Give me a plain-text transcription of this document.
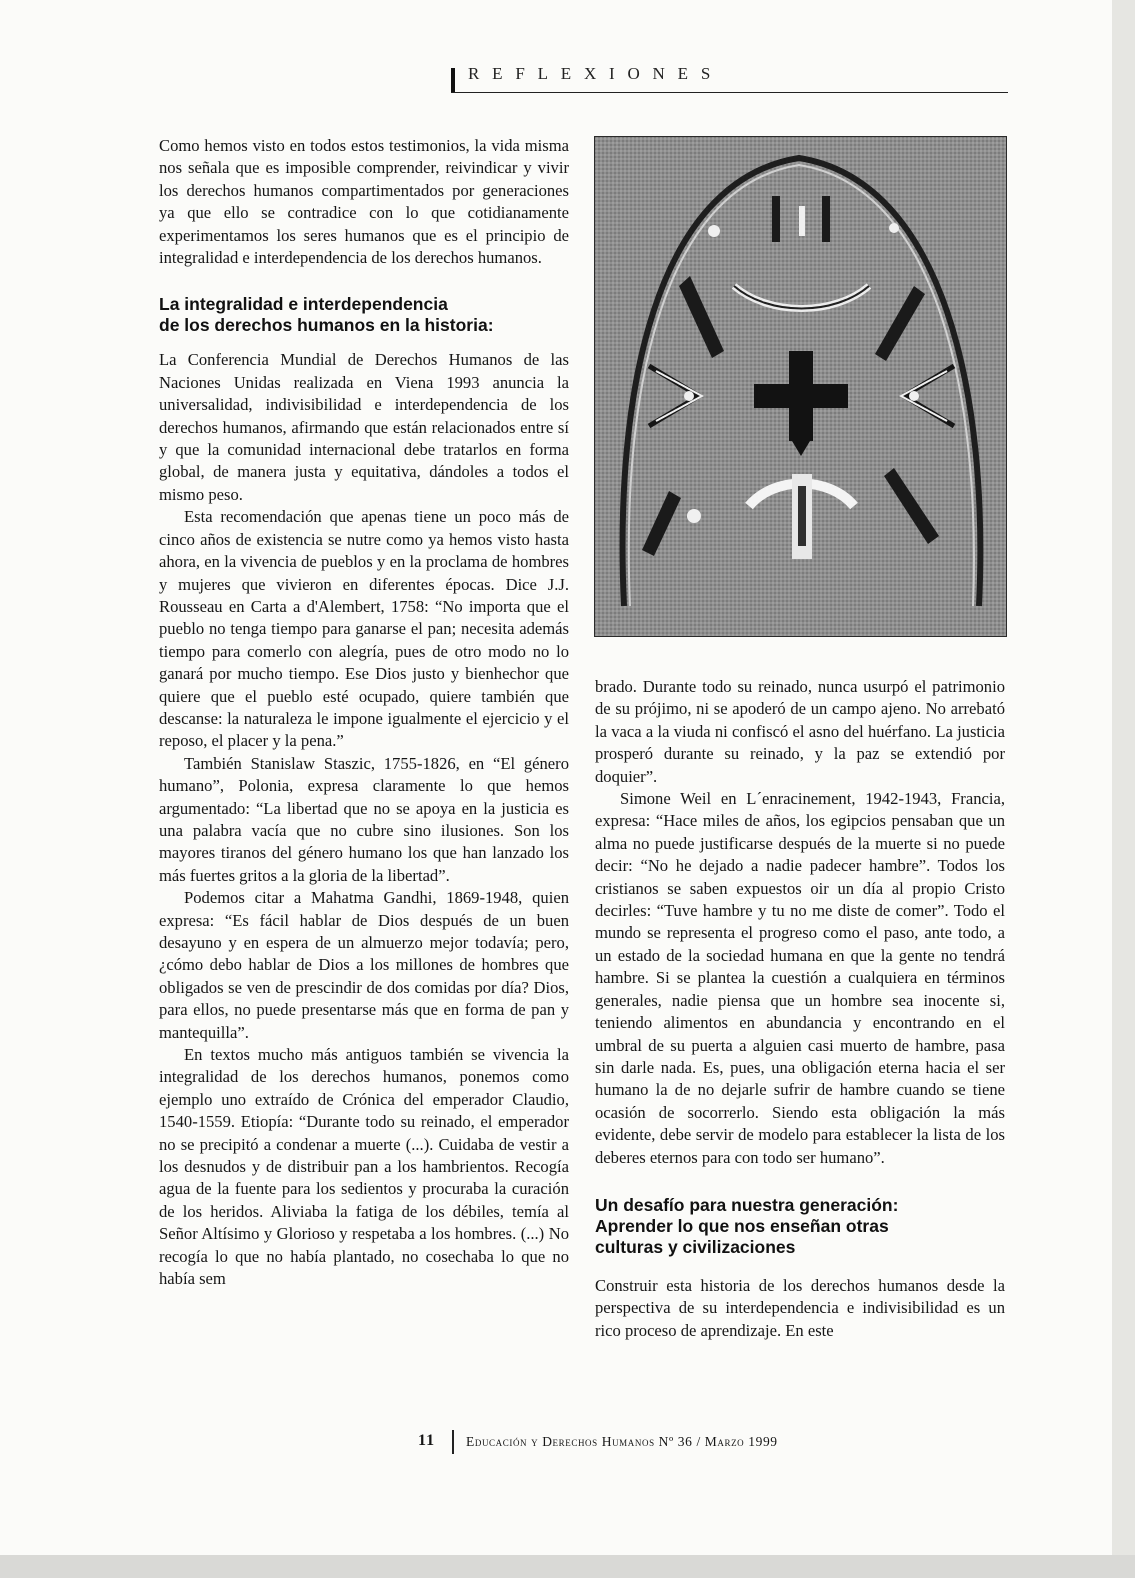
REFLEXIONES

Como hemos visto en todos estos testimonios, la vida misma nos señala que es imposible comprender, reivindicar y vivir los derechos humanos compartimentados por generaciones ya que ello se contradice con lo que cotidianamente experimentamos los seres humanos que es el principio de integralidad e interdependencia de los derechos humanos.

La integralidad e interdependencia
de los derechos humanos en la historia:

La Conferencia Mundial de Derechos Humanos de las Naciones Unidas realizada en Viena 1993 anuncia la universalidad, indivisibilidad e interdependencia de los derechos humanos, afirmando que están relacionados entre sí y que la comunidad internacional debe tratarlos en forma global, de manera justa y equitativa, dándoles a todos el mismo peso.

Esta recomendación que apenas tiene un poco más de cinco años de existencia se nutre como ya hemos visto hasta ahora, en la vivencia de pueblos y en la proclama de hombres y mujeres que vivieron en diferentes épocas. Dice J.J. Rousseau en Carta a d'Alembert, 1758: “No importa que el pueblo no tenga tiempo para ganarse el pan; necesita además tiempo para comerlo con alegría, pues de otro modo no lo ganará por mucho tiempo. Ese Dios justo y bienhechor que quiere que el pueblo esté ocupado, quiere también que descanse: la naturaleza le impone igualmente el ejercicio y el reposo, el placer y la pena.”

También Stanislaw Staszic, 1755-1826, en “El género humano”, Polonia, expresa claramente lo que hemos argumentado: “La libertad que no se apoya en la justicia es una palabra vacía que no cubre sino ilusiones. Son los mayores tiranos del género humano los que han lanzado los más fuertes gritos a la gloria de la libertad”.

Podemos citar a Mahatma Gandhi, 1869-1948, quien expresa: “Es fácil hablar de Dios después de un buen desayuno y en espera de un almuerzo mejor todavía; pero, ¿cómo debo hablar de Dios a los millones de hombres que obligados se ven de prescindir de dos comidas por día? Dios, para ellos, no puede presentarse más que en forma de pan y mantequilla”.

En textos mucho más antiguos también se vivencia la integralidad de los derechos humanos, ponemos como ejemplo uno extraído de Crónica del emperador Claudio, 1540-1559. Etiopía: “Durante todo su reinado, el emperador no se precipitó a condenar a muerte (...). Cuidaba de vestir a los desnudos y de distribuir pan a los hambrientos. Recogía agua de la fuente para los sedientos y procuraba la curación de los heridos. Aliviaba la fatiga de los débiles, temía al Señor Altísimo y Glorioso y respetaba a los hombres. (...) No recogía lo que no había plantado, no cosechaba lo que no había sem

brado. Durante todo su reinado, nunca usurpó el patrimonio de su prójimo, ni se apoderó de un campo ajeno. No arrebató la vaca a la viuda ni confiscó el asno del huérfano. La justicia prosperó durante su reinado, y la paz se extendió por doquier”.

Simone Weil en L´enracinement, 1942-1943, Francia, expresa: “Hace miles de años, los egipcios pensaban que un alma no puede justificarse después de la muerte si no puede decir: “No he dejado a nadie padecer hambre”. Todos los cristianos se saben expuestos oir un día al propio Cristo decirles: “Tuve hambre y tu no me diste de comer”. Todo el mundo se representa el progreso como el paso, ante todo, a un estado de la sociedad humana en que la gente no tendrá hambre. Si se plantea la cuestión a cualquiera en términos generales, nadie piensa que un hombre sea inocente si, teniendo alimentos en abundancia y encontrando en el umbral de su puerta a alguien casi muerto de hambre, pasa sin darle nada. Es, pues, una obligación eterna hacia el ser humano la de no dejarle sufrir de hambre cuando se tiene ocasión de socorrerlo. Siendo esta obligación la más evidente, debe servir de modelo para establecer la lista de los deberes eternos para con todo ser humano”.

Un desafío para nuestra generación:
Aprender lo que nos enseñan otras
culturas y civilizaciones

Construir esta historia de los derechos humanos desde la perspectiva de su interdependencia e indivisibilidad es un rico proceso de aprendizaje. En este

11 Educación y Derechos Humanos Nº 36 / Marzo 1999
